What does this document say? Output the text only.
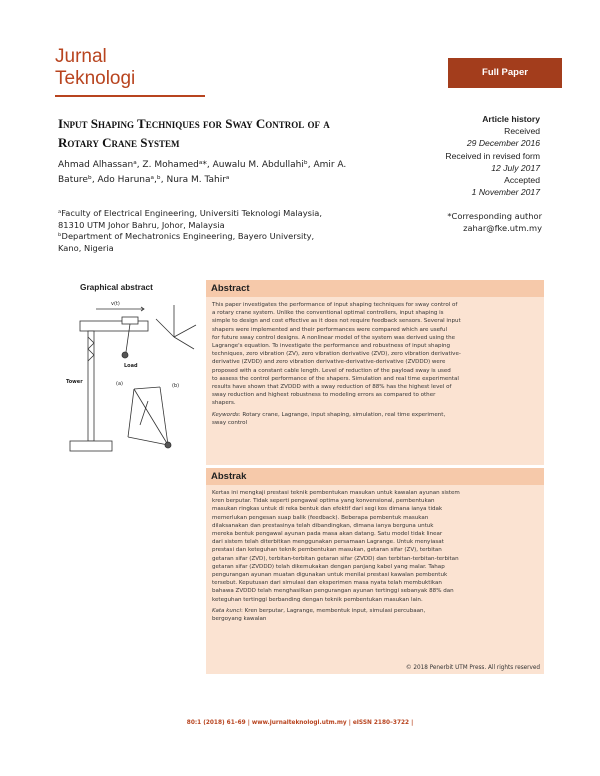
Jurnal
Teknologi	Full Paper
Input Shaping Techniques for Sway Control of a
Rotary Crane System
Article history
Received
29 December 2016
Received in revised form
12 July 2017
Accepted
1 November 2017
Ahmad Alhassanᵃ, Z. Mohamedᵃ*, Auwalu M. Abdullahiᵇ, Amir A.
Batureᵇ, Ado Harunaᵃ,ᵇ, Nura M. Tahirᵃ
ᵃFaculty of Electrical Engineering, Universiti Teknologi Malaysia,
81310 UTM Johor Bahru, Johor, Malaysia
ᵇDepartment of Mechatronics Engineering, Bayero University,
Kano, Nigeria
*Corresponding author
zahar@fke.utm.my
Graphical abstract
v(t)
Load
Tower	(a)	(b)
Abstract
This paper investigates the performance of input shaping techniques for sway control of
a rotary crane system. Unlike the conventional optimal controllers, input shaping is
simple to design and cost effective as it does not require feedback sensors. Several input
shapers were implemented and their performances were compared which are useful
for future sway control designs. A nonlinear model of the system was derived using the
Lagrange's equation. To investigate the performance and robustness of input shaping
techniques, zero vibration (ZV), zero vibration derivative (ZVD), zero vibration derivative-
derivative (ZVDD) and zero vibration derivative-derivative-derivative (ZVDDD) were
proposed with a constant cable length. Level of reduction of the payload sway is used
to assess the control performance of the shapers. Simulation and real time experimental
results have shown that ZVDDD with a sway reduction of 88% has the highest level of
sway reduction and highest robustness to modeling errors as compared to other
shapers.
Keywords: Rotary crane, Lagrange, input shaping, simulation, real time experiment,
sway control
Abstrak
Kertas ini mengkaji prestasi teknik pembentukan masukan untuk kawalan ayunan sistem
kren berputar. Tidak seperti pengawal optima yang konvensional, pembentukan
masukan ringkas untuk di reka bentuk dan efektif dari segi kos dimana ianya tidak
memerlukan pengesan suap balik (feedback). Beberapa pembentuk masukan
dilaksanakan dan prestasinya telah dibandingkan, dimana ianya berguna untuk
mereka bentuk pengawal ayunan pada masa akan datang. Satu model tidak linear
dari sistem telah diterbitkan menggunakan persamaan Lagrange. Untuk menyiasat
prestasi dan keteguhan teknik pembentukan masukan, getaran sifar (ZV), terbitan
getaran sifar (ZVD), terbitan-terbitan getaran sifar (ZVDD) dan terbitan-terbitan-terbitan
getaran sifar (ZVDDD) telah dikemukakan dengan panjang kabel yang malar. Tahap
pengurangan ayunan muatan digunakan untuk menilai prestasi kawalan pembentuk
tersebut. Keputusan dari simulasi dan eksperimen masa nyata telah membuktikan
bahawa ZVDDD telah menghasilkan pengurangan ayunan tertinggi sebanyak 88% dan
keteguhan tertinggi berbanding dengan teknik pembentukan masukan lain.
Kata kunci: Kren berputar, Lagrange, membentuk input, simulasi percubaan,
bergoyang kawalan
© 2018 Penerbit UTM Press. All rights reserved
80:1 (2018) 61–69 | www.jurnalteknologi.utm.my | eISSN 2180–3722 |
